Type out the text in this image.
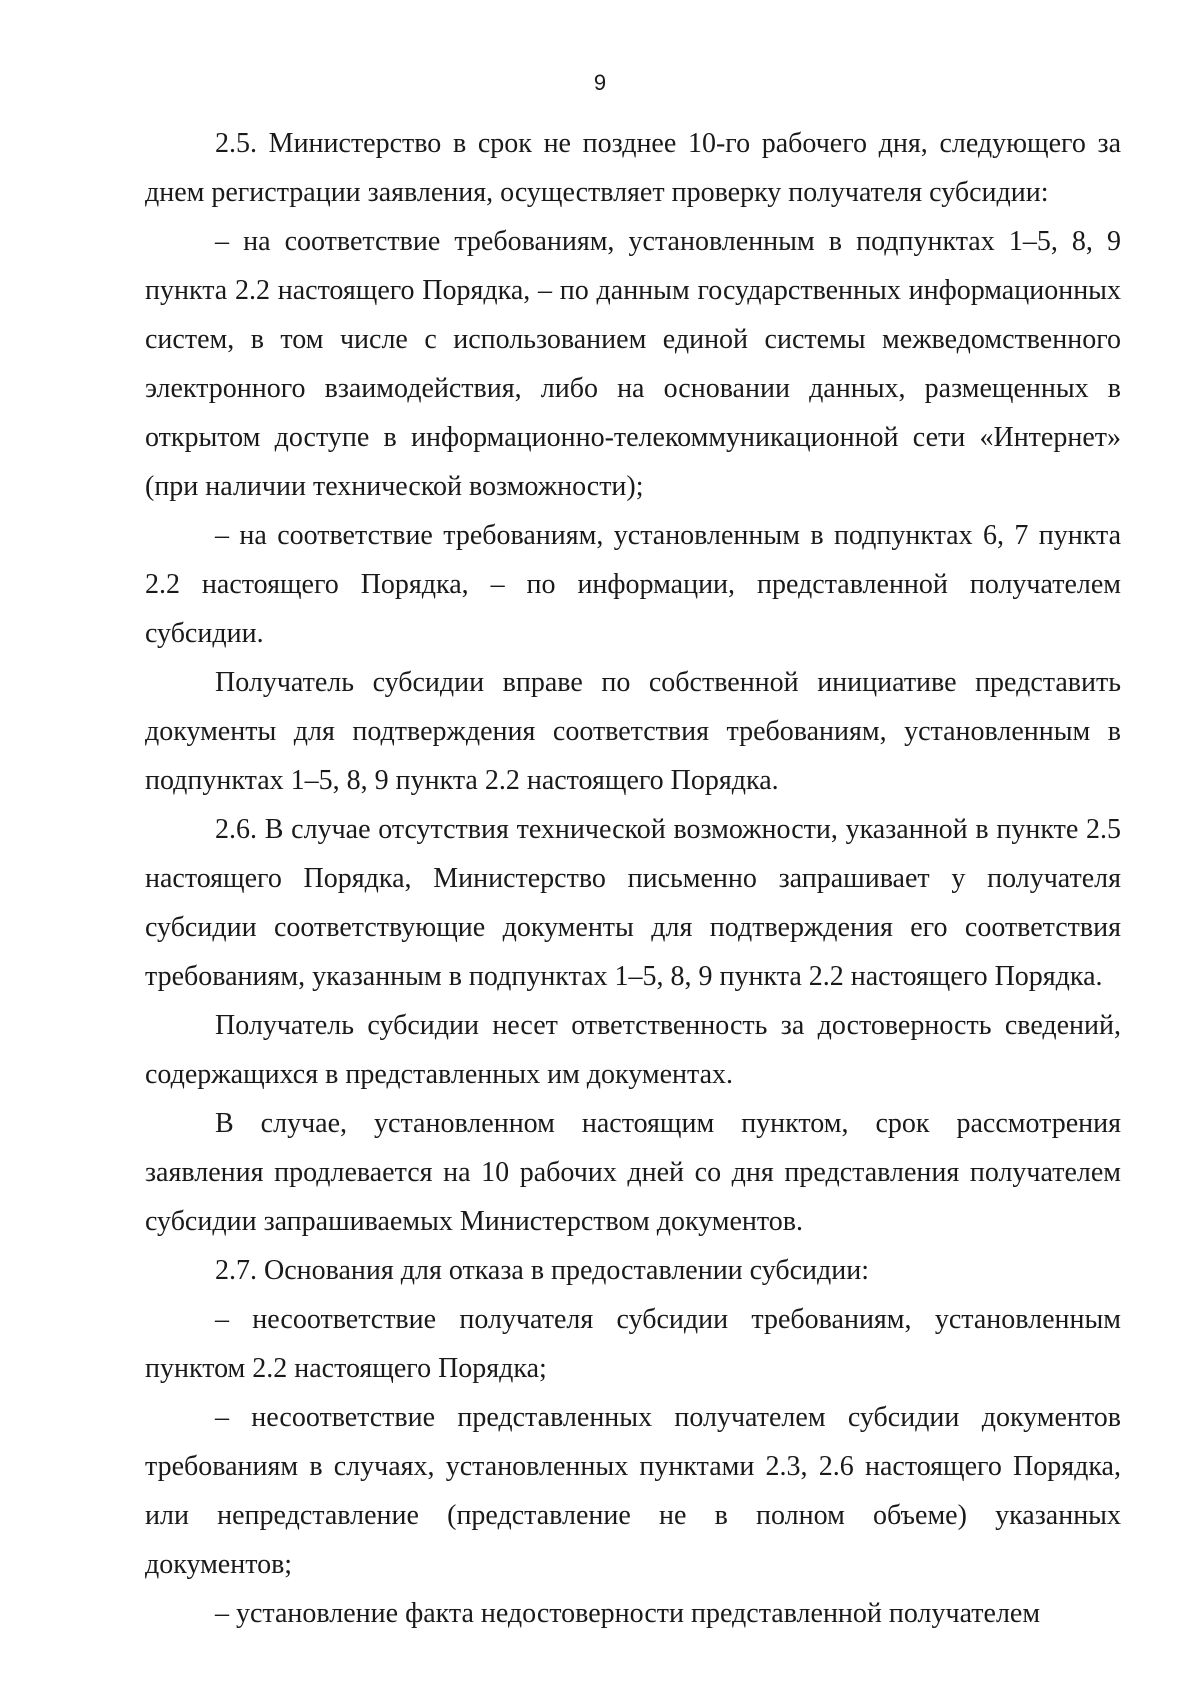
9

2.5. Министерство в срок не позднее 10-го рабочего дня, следующего за днем регистрации заявления, осуществляет проверку получателя субсидии:

– на соответствие требованиям, установленным в подпунктах 1–5, 8, 9 пункта 2.2 настоящего Порядка, – по данным государственных информационных систем, в том числе с использованием единой системы межведомственного электронного взаимодействия, либо на основании данных, размещенных в открытом доступе в информационно-телекоммуникационной сети «Интернет» (при наличии технической возможности);

– на соответствие требованиям, установленным в подпунктах 6, 7 пункта 2.2 настоящего Порядка, – по информации, представленной получателем субсидии.

Получатель субсидии вправе по собственной инициативе представить документы для подтверждения соответствия требованиям, установленным в подпунктах 1–5, 8, 9 пункта 2.2 настоящего Порядка.

2.6. В случае отсутствия технической возможности, указанной в пункте 2.5 настоящего Порядка, Министерство письменно запрашивает у получателя субсидии соответствующие документы для подтверждения его соответствия требованиям, указанным в подпунктах 1–5, 8, 9 пункта 2.2 настоящего Порядка.

Получатель субсидии несет ответственность за достоверность сведений, содержащихся в представленных им документах.

В случае, установленном настоящим пунктом, срок рассмотрения заявления продлевается на 10 рабочих дней со дня представления получателем субсидии запрашиваемых Министерством документов.

2.7. Основания для отказа в предоставлении субсидии:

– несоответствие получателя субсидии требованиям, установленным пунктом 2.2 настоящего Порядка;

– несоответствие представленных получателем субсидии документов требованиям в случаях, установленных пунктами 2.3, 2.6 настоящего Порядка, или непредставление (представление не в полном объеме) указанных документов;

– установление факта недостоверности представленной получателем
